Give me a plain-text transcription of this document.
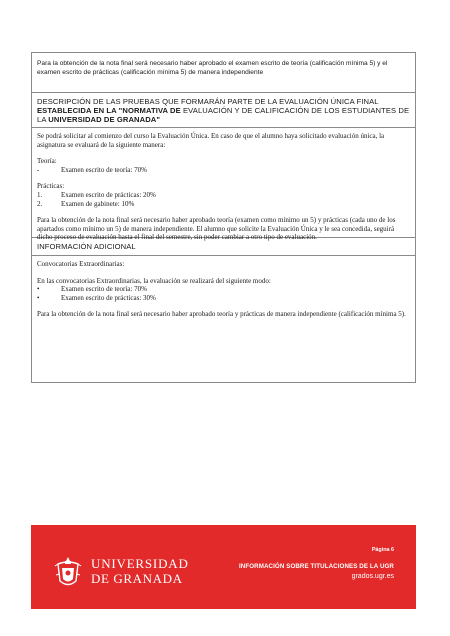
Para la obtención de la nota final será necesario haber aprobado el examen escrito de teoría (calificación mínima 5) y el examen escrito de prácticas (calificación mínima 5) de manera independiente
DESCRIPCIÓN DE LAS PRUEBAS QUE FORMARÁN PARTE DE LA EVALUACIÓN ÚNICA FINAL ESTABLECIDA EN LA "NORMATIVA DE EVALUACIÓN Y DE CALIFICACIÓN DE LOS ESTUDIANTES DE LA UNIVERSIDAD DE GRANADA"
Se podrá solicitar al comienzo del curso la Evaluación Única. En caso de que el alumno haya solicitado evaluación única, la asignatura se evaluará de la siguiente manera:
Teoría:
-	Examen escrito de teoría: 70%
Prácticas:
1.	Examen escrito de prácticas: 20%
2.	Examen de gabinete: 10%
Para la obtención de la nota final será necesario haber aprobado teoría (examen como mínimo un 5) y prácticas (cada uno de los apartados como mínimo un 5) de manera independiente. El alumno que solicite la Evaluación Única y le sea concedida, seguirá dicho proceso de evaluación hasta el final del semestre, sin poder cambiar a otro tipo de evaluación.
INFORMACIÓN ADICIONAL
Convocatorias Extraordinarias:
En las convocatorias Extraordinarias, la evaluación se realizará del siguiente modo:
•	Examen escrito de teoría: 70%
•	Examen escrito de prácticas: 30%
Para la obtención de la nota final será necesario haber aprobado teoría y prácticas de manera independiente (calificación mínima 5).
UNIVERSIDAD
DE GRANADA
Página 6
INFORMACIÓN SOBRE TITULACIONES DE LA UGR
grados.ugr.es
